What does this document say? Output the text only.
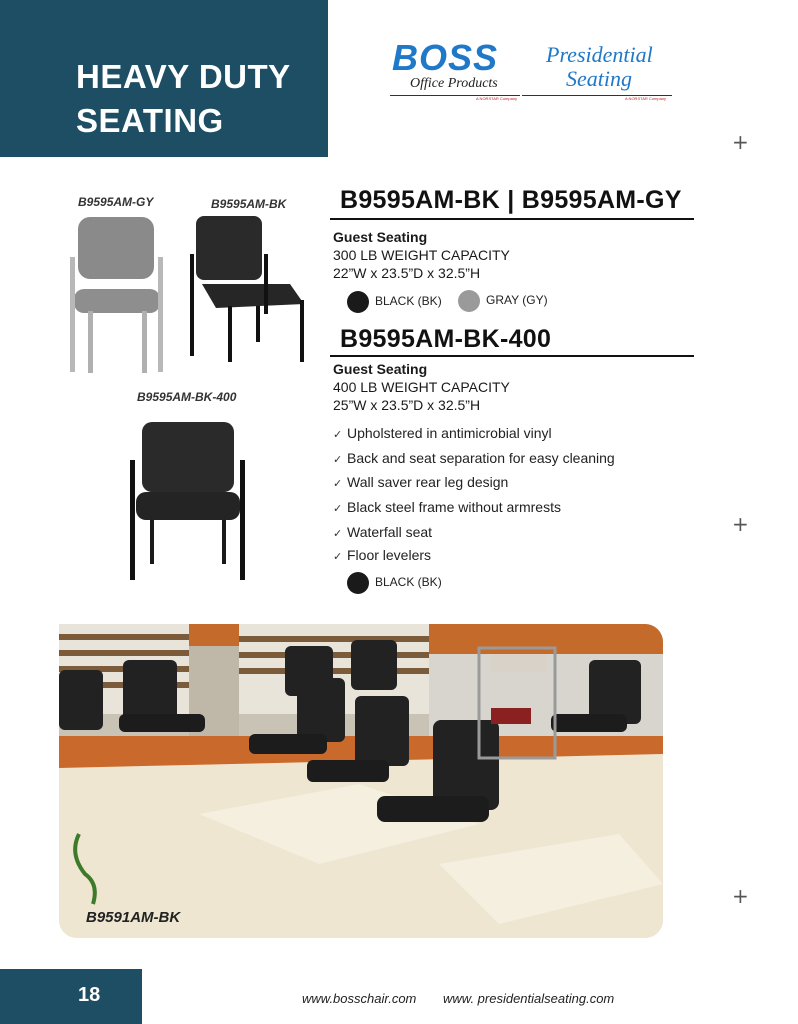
HEAVY DUTY
SEATING
BOSS
Office Products
A NORSTAR Company
Presidential
Seating
A NORSTAR Company
+
+
+
B9595AM-GY	B9595AM-BK
B9595AM-BK-400
B9595AM-BK | B9595AM-GY
Guest Seating
300 LB WEIGHT CAPACITY
22”W x 23.5”D x 32.5”H
BLACK (BK)	GRAY (GY)
B9595AM-BK-400
Guest Seating
400 LB WEIGHT CAPACITY
25”W x 23.5”D x 32.5”H
✓ Upholstered in antimicrobial vinyl
✓ Back and seat separation for easy cleaning
✓ Wall saver rear leg design
✓ Black steel frame without armrests
✓ Waterfall seat
✓ Floor levelers
BLACK (BK)
B9591AM-BK
18	www.bosschair.com www. presidentialseating.com
